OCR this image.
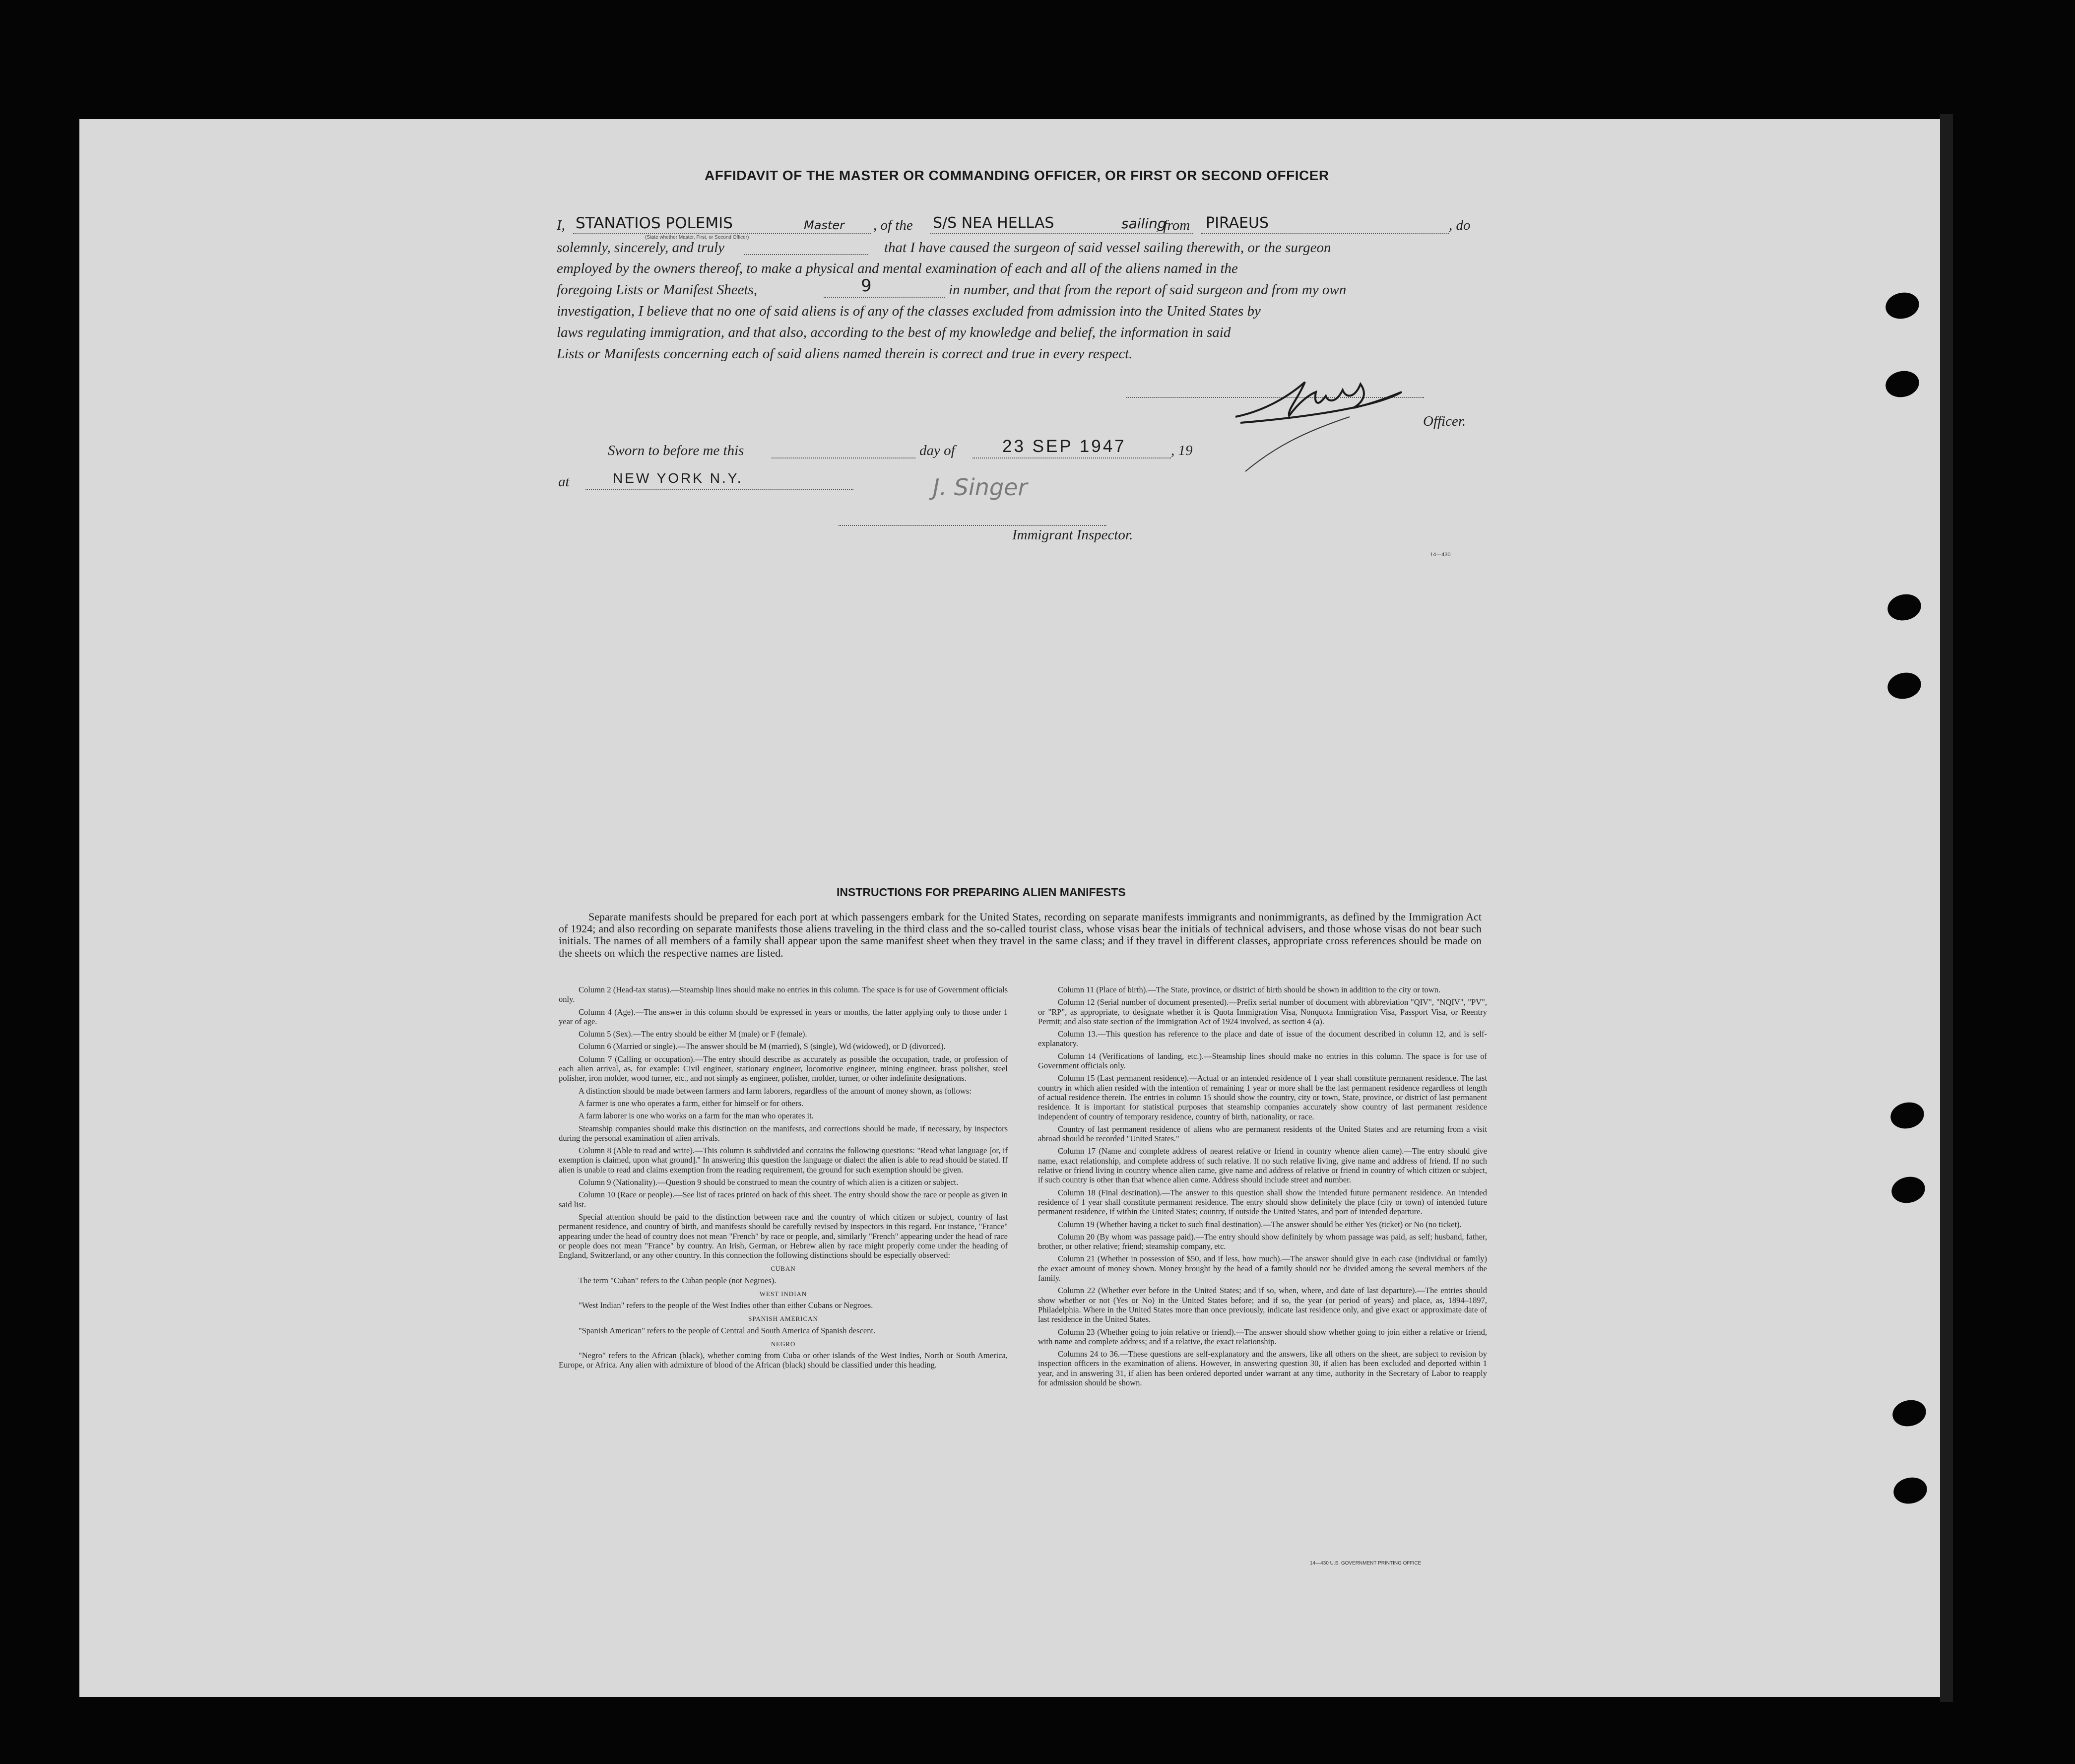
AFFIDAVIT OF THE MASTER OR COMMANDING OFFICER, OR FIRST OR SECOND OFFICER
I, STANATIOS POLEMIS	Master
(State whether Master, First, or Second Officer)
, of the S/S NEA HELLAS	sailing
, from PIRAEUS	, do
solemnly, sincerely, and truly	that I have caused the surgeon of said vessel sailing therewith, or the surgeon
employed by the owners thereof, to make a physical and mental examination of each and all of the aliens named in the
foregoing Lists or Manifest Sheets,	9	in number, and that from the report of said surgeon and from my own
investigation, I believe that no one of said aliens is of any of the classes excluded from admission into the United States by
laws regulating immigration, and that also, according to the best of my knowledge and belief, the information in said
Lists or Manifests concerning each of said aliens named therein is correct and true in every respect.
Officer.
Sworn to before me this	day of	23 SEP 1947	, 19
at	NEW YORK N.Y.	J. Singer
Immigrant Inspector.
14—430
INSTRUCTIONS FOR PREPARING ALIEN MANIFESTS
Separate manifests should be prepared for each port at which passengers embark for the United States, recording on separate manifests immigrants and nonimmigrants, as defined by the Immigration Act of 1924; and also recording on separate manifests those aliens traveling in the third class and the so-called tourist class, whose visas bear the initials of technical advisers, and those whose visas do not bear such initials. The names of all members of a family shall appear upon the same manifest sheet when they travel in the same class; and if they travel in different classes, appropriate cross references should be made on the sheets on which the respective names are listed.

Column 2 (Head-tax status).—Steamship lines should make no entries in this column. The space is for use of Government officials only.

Column 4 (Age).—The answer in this column should be expressed in years or months, the latter applying only to those under 1 year of age.

Column 5 (Sex).—The entry should be either M (male) or F (female).

Column 6 (Married or single).—The answer should be M (married), S (single), Wd (widowed), or D (divorced).

Column 7 (Calling or occupation).—The entry should describe as accurately as possible the occupation, trade, or profession of each alien arrival, as, for example: Civil engineer, stationary engineer, locomotive engineer, mining engineer, brass polisher, steel polisher, iron molder, wood turner, etc., and not simply as engineer, polisher, molder, turner, or other indefinite designations.

A distinction should be made between farmers and farm laborers, regardless of the amount of money shown, as follows:

A farmer is one who operates a farm, either for himself or for others.

A farm laborer is one who works on a farm for the man who operates it.

Steamship companies should make this distinction on the manifests, and corrections should be made, if necessary, by inspectors during the personal examination of alien arrivals.

Column 8 (Able to read and write).—This column is subdivided and contains the following questions: "Read what language [or, if exemption is claimed, upon what ground]." In answering this question the language or dialect the alien is able to read should be stated. If alien is unable to read and claims exemption from the reading requirement, the ground for such exemption should be given.

Column 9 (Nationality).—Question 9 should be construed to mean the country of which alien is a citizen or subject.

Column 10 (Race or people).—See list of races printed on back of this sheet. The entry should show the race or people as given in said list.

Special attention should be paid to the distinction between race and the country of which citizen or subject, country of last permanent residence, and country of birth, and manifests should be carefully revised by inspectors in this regard. For instance, "France" appearing under the head of country does not mean "French" by race or people, and, similarly "French" appearing under the head of race or people does not mean "France" by country. An Irish, German, or Hebrew alien by race might properly come under the heading of England, Switzerland, or any other country. In this connection the following distinctions should be especially observed:

CUBAN

The term "Cuban" refers to the Cuban people (not Negroes).

WEST INDIAN

"West Indian" refers to the people of the West Indies other than either Cubans or Negroes.

SPANISH AMERICAN

"Spanish American" refers to the people of Central and South America of Spanish descent.

NEGRO

"Negro" refers to the African (black), whether coming from Cuba or other islands of the West Indies, North or South America, Europe, or Africa. Any alien with admixture of blood of the African (black) should be classified under this heading.

Column 11 (Place of birth).—The State, province, or district of birth should be shown in addition to the city or town.

Column 12 (Serial number of document presented).—Prefix serial number of document with abbreviation "QIV", "NQIV", "PV", or "RP", as appropriate, to designate whether it is Quota Immigration Visa, Nonquota Immigration Visa, Passport Visa, or Reentry Permit; and also state section of the Immigration Act of 1924 involved, as section 4 (a).

Column 13.—This question has reference to the place and date of issue of the document described in column 12, and is self-explanatory.

Column 14 (Verifications of landing, etc.).—Steamship lines should make no entries in this column. The space is for use of Government officials only.

Column 15 (Last permanent residence).—Actual or an intended residence of 1 year shall constitute permanent residence. The last country in which alien resided with the intention of remaining 1 year or more shall be the last permanent residence regardless of length of actual residence therein. The entries in column 15 should show the country, city or town, State, province, or district of last permanent residence. It is important for statistical purposes that steamship companies accurately show country of last permanent residence independent of country of temporary residence, country of birth, nationality, or race.

Country of last permanent residence of aliens who are permanent residents of the United States and are returning from a visit abroad should be recorded "United States."

Column 17 (Name and complete address of nearest relative or friend in country whence alien came).—The entry should give name, exact relationship, and complete address of such relative. If no such relative living, give name and address of friend. If no such relative or friend living in country whence alien came, give name and address of relative or friend in country of which citizen or subject, if such country is other than that whence alien came. Address should include street and number.

Column 18 (Final destination).—The answer to this question shall show the intended future permanent residence. An intended residence of 1 year shall constitute permanent residence. The entry should show definitely the place (city or town) of intended future permanent residence, if within the United States; country, if outside the United States, and port of intended departure.

Column 19 (Whether having a ticket to such final destination).—The answer should be either Yes (ticket) or No (no ticket).

Column 20 (By whom was passage paid).—The entry should show definitely by whom passage was paid, as self; husband, father, brother, or other relative; friend; steamship company, etc.

Column 21 (Whether in possession of $50, and if less, how much).—The answer should give in each case (individual or family) the exact amount of money shown. Money brought by the head of a family should not be divided among the several members of the family.

Column 22 (Whether ever before in the United States; and if so, when, where, and date of last departure).—The entries should show whether or not (Yes or No) in the United States before; and if so, the year (or period of years) and place, as, 1894–1897, Philadelphia. Where in the United States more than once previously, indicate last residence only, and give exact or approximate date of last residence in the United States.

Column 23 (Whether going to join relative or friend).—The answer should show whether going to join either a relative or friend, with name and complete address; and if a relative, the exact relationship.

Columns 24 to 36.—These questions are self-explanatory and the answers, like all others on the sheet, are subject to revision by inspection officers in the examination of aliens. However, in answering question 30, if alien has been excluded and deported within 1 year, and in answering 31, if alien has been ordered deported under warrant at any time, authority in the Secretary of Labor to reapply for admission should be shown.

14—430 U.S. GOVERNMENT PRINTING OFFICE
